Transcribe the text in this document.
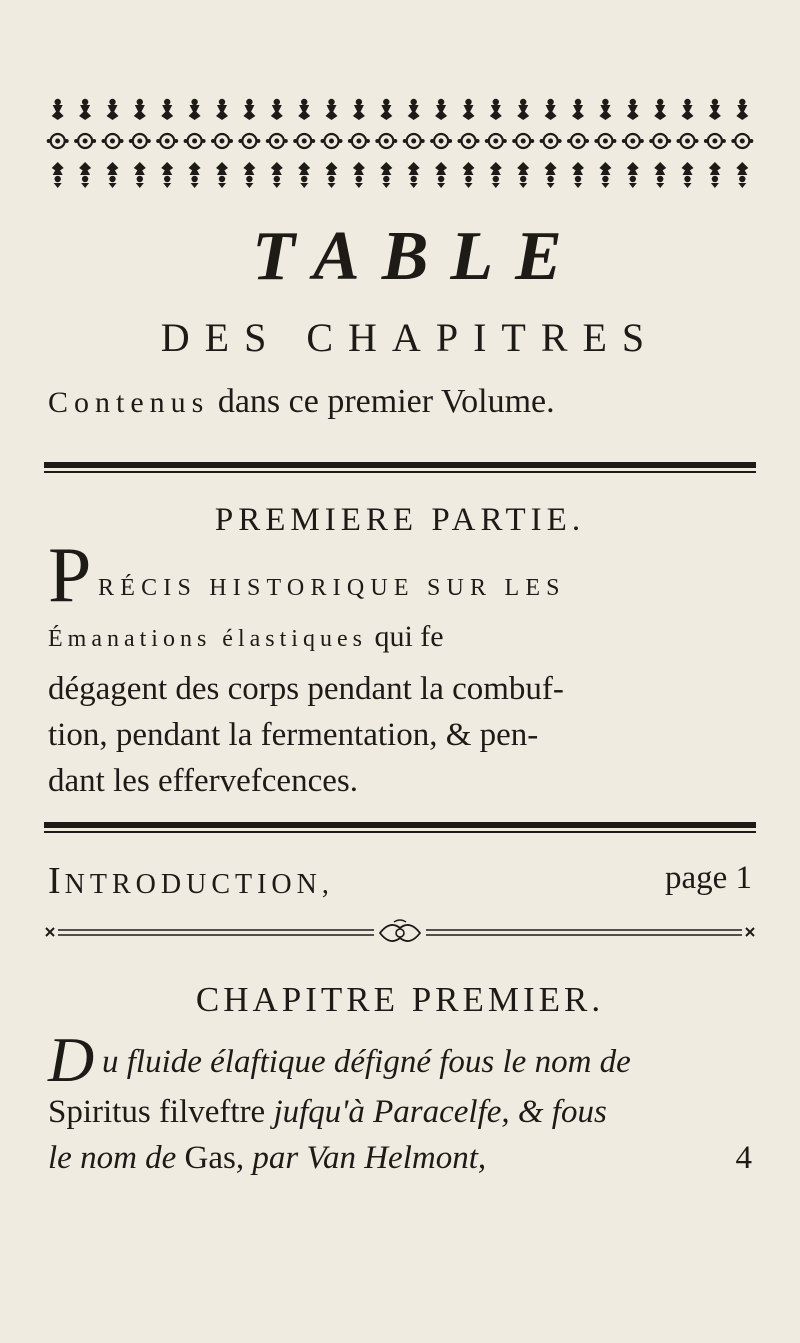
TABLE
DES CHAPITRES
Contenus dans ce premier Volume.
PREMIERE PARTIE.
P RÉCIS HISTORIQUE SUR LES
Émanations élastiques qui fe
dégagent des corps pendant la combuf-
tion, pendant la fermentation, & pen-
dant les effervefcences.
INTRODUCTION,	page 1
CHAPITRE PREMIER.
D u fluide élaftique défigné fous le nom de
Spiritus filveftre jufqu'à Paracelfe, & fous
le nom de Gas, par Van Helmont,	4
